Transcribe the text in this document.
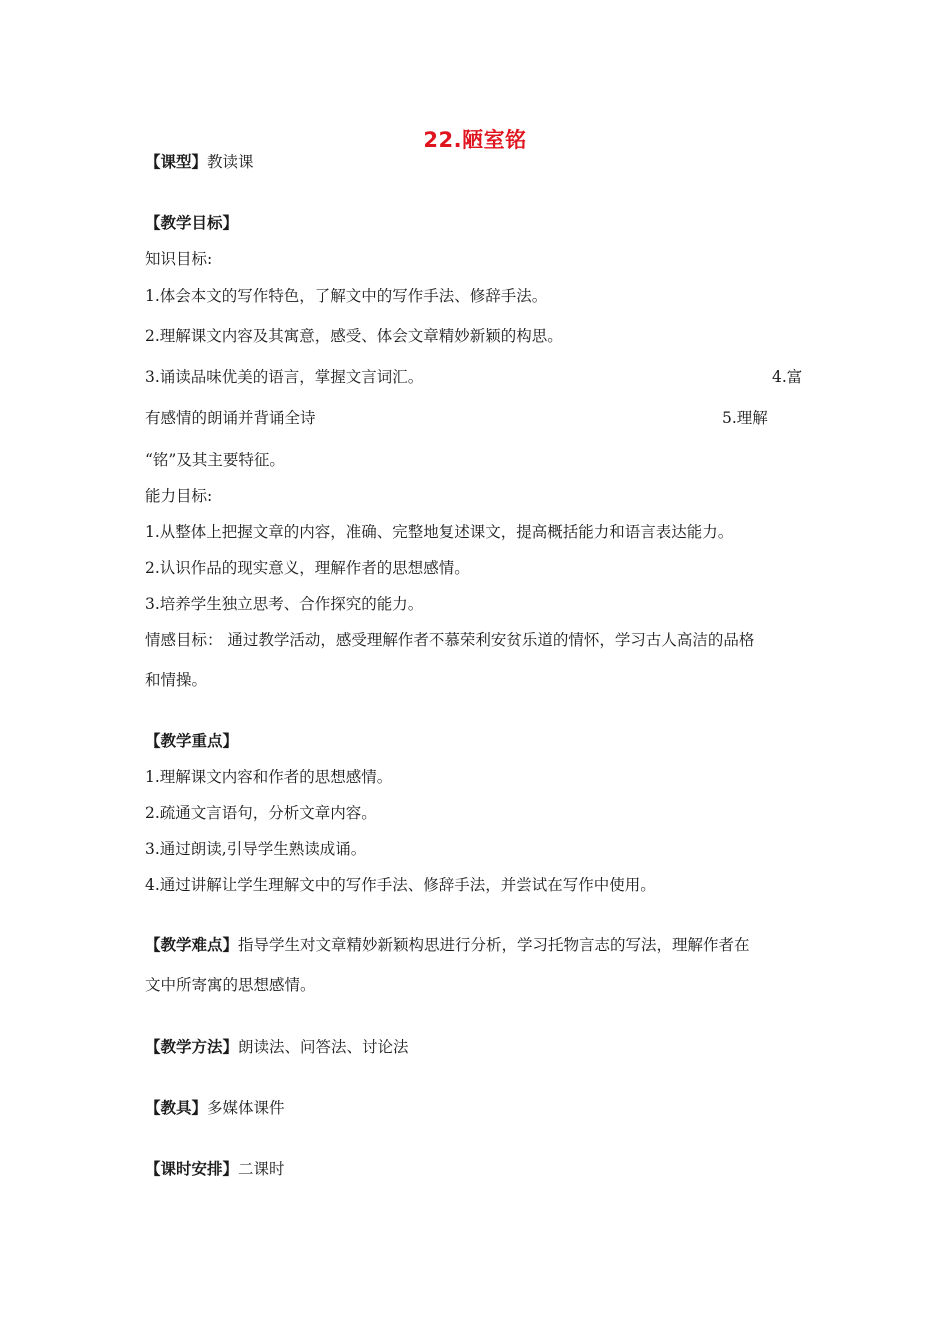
22.陋室铭
【课型】教读课
【教学目标】
知识目标:
1.体会本文的写作特色，了解文中的写作手法、修辞手法。
2.理解课文内容及其寓意，感受、体会文章精妙新颖的构思。
3.诵读品味优美的语言，掌握文言词汇。	4.富
有感情的朗诵并背诵全诗	5.理解
“铭”及其主要特征。
能力目标:
1.从整体上把握文章的内容，准确、完整地复述课文，提高概括能力和语言表达能力。
2.认识作品的现实意义，理解作者的思想感情。
3.培养学生独立思考、合作探究的能力。
情感目标： 通过教学活动，感受理解作者不慕荣利安贫乐道的情怀，学习古人高洁的品格
和情操。
【教学重点】
1.理解课文内容和作者的思想感情。
2.疏通文言语句，分析文章内容。
3.通过朗读,引导学生熟读成诵。
4.通过讲解让学生理解文中的写作手法、修辞手法，并尝试在写作中使用。
【教学难点】指导学生对文章精妙新颖构思进行分析，学习托物言志的写法，理解作者在
文中所寄寓的思想感情。
【教学方法】朗读法、问答法、讨论法
【教具】多媒体课件
【课时安排】二课时
